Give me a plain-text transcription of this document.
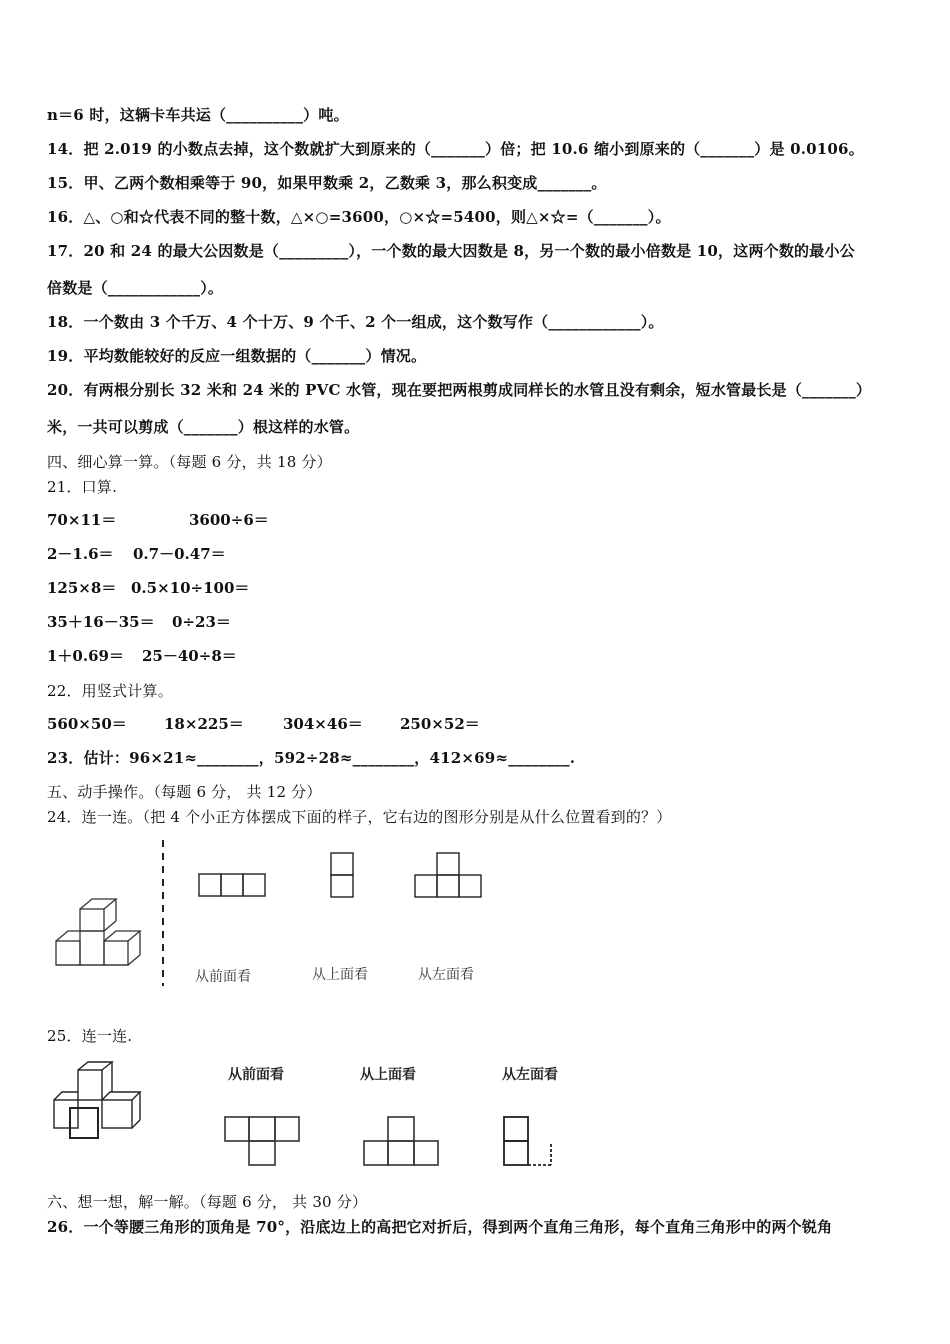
n＝6 时，这辆卡车共运（__________）吨。
14．把 2.019 的小数点去掉，这个数就扩大到原来的（_______）倍；把 10.6 缩小到原来的（_______）是 0.0106。
15．甲、乙两个数相乘等于 90，如果甲数乘 2，乙数乘 3，那么积变成_______。
16．△、○和☆代表不同的整十数，△×○=3600，○×☆=5400，则△×☆=（_______）。
17．20 和 24 的最大公因数是（_________），一个数的最大因数是 8，另一个数的最小倍数是 10，这两个数的最小公
倍数是（____________）。
18．一个数由 3 个千万、4 个十万、9 个千、2 个一组成，这个数写作（____________）。
19．平均数能较好的反应一组数据的（_______）情况。
20．有两根分别长 32 米和 24 米的 PVC 水管，现在要把两根剪成同样长的水管且没有剩余，短水管最长是（_______）
米，一共可以剪成（_______）根这样的水管。
四、细心算一算。（每题 6 分，共 18 分）
21．口算.
70×11＝	3600÷6＝
2－1.6＝ 0.7－0.47＝
125×8＝ 0.5×10÷100＝
35＋16－35＝ 0÷23＝
1＋0.69＝ 25－40÷8＝
22．用竖式计算。
560×50＝ 18×225＝	304×46＝ 250×52＝
23．估计：96×21≈________，592÷28≈________，412×69≈________.
五、动手操作。（每题 6 分， 共 12 分）
24．连一连。（把 4 个小正方体摆成下面的样子，它右边的图形分别是从什么位置看到的？）
从前面看	从上面看	从左面看
25．连一连.
从前面看	从上面看	从左面看
六、想一想，解一解。（每题 6 分， 共 30 分）
26．一个等腰三角形的顶角是 70°，沿底边上的高把它对折后，得到两个直角三角形，每个直角三角形中的两个锐角
